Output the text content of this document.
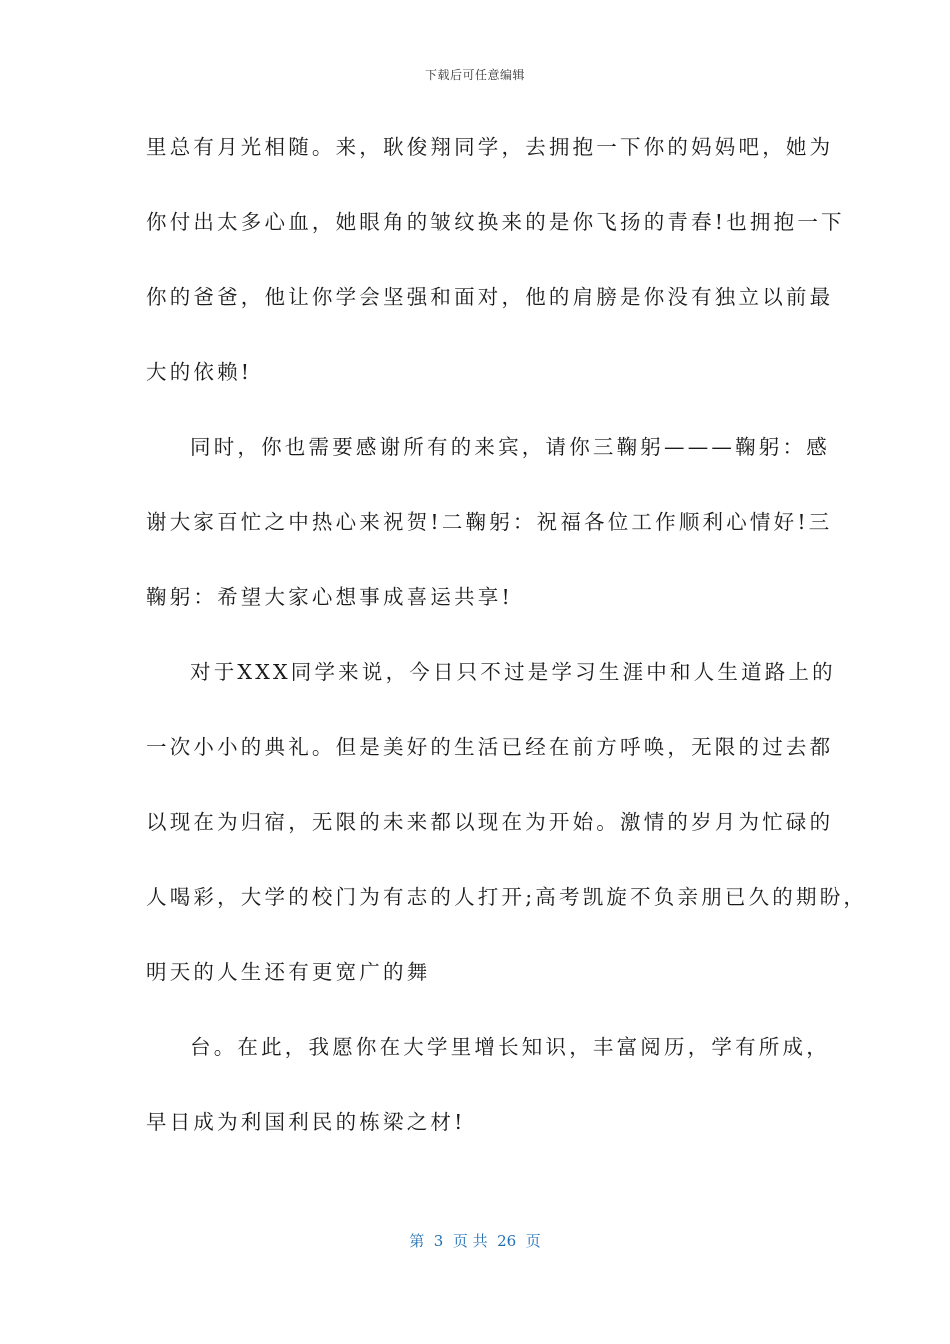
下载后可任意编辑
里总有月光相随。来，耿俊翔同学，去拥抱一下你的妈妈吧，她为
你付出太多心血，她眼角的皱纹换来的是你飞扬的青春!也拥抱一下
你的爸爸，他让你学会坚强和面对，他的肩膀是你没有独立以前最
大的依赖!
同时，你也需要感谢所有的来宾，请你三鞠躬———鞠躬：感
谢大家百忙之中热心来祝贺!二鞠躬：祝福各位工作顺利心情好!三
鞠躬：希望大家心想事成喜运共享!
对于XXX同学来说，今日只不过是学习生涯中和人生道路上的
一次小小的典礼。但是美好的生活已经在前方呼唤，无限的过去都
以现在为归宿，无限的未来都以现在为开始。激情的岁月为忙碌的
人喝彩，大学的校门为有志的人打开;高考凯旋不负亲朋已久的期盼，
明天的人生还有更宽广的舞
台。在此，我愿你在大学里增长知识，丰富阅历，学有所成，
早日成为利国利民的栋梁之材!
第  3  页 共  26  页
